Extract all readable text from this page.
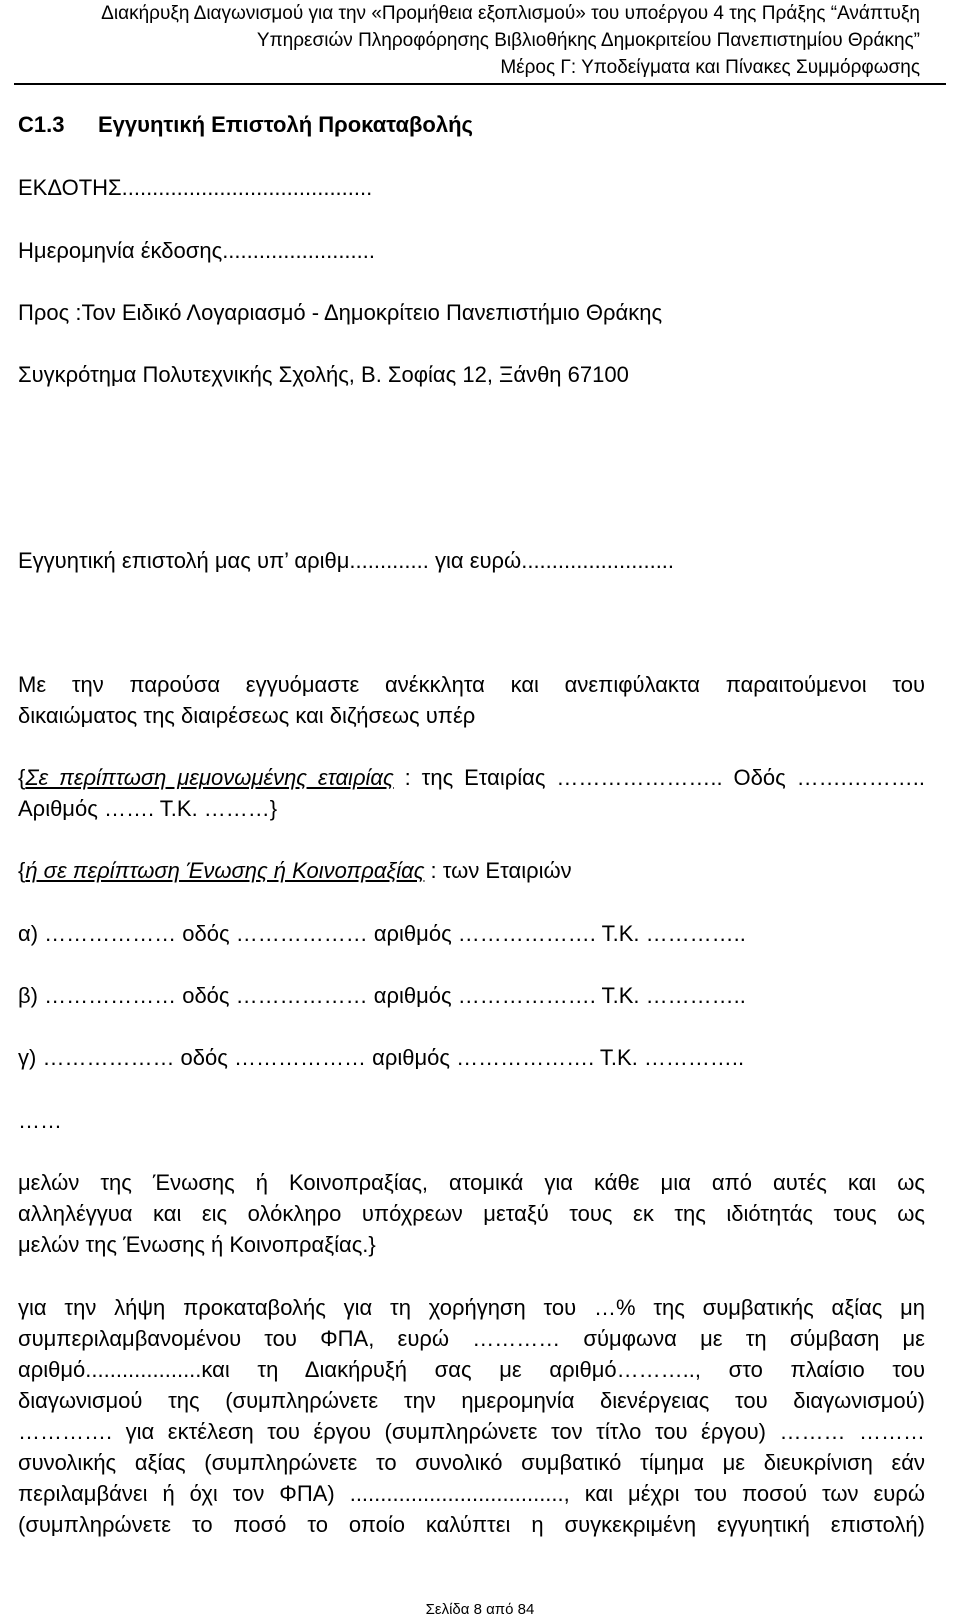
Διακήρυξη Διαγωνισμού για την «Προμήθεια εξοπλισμού» του υποέργου 4 της Πράξης “Ανάπτυξη
Υπηρεσιών Πληροφόρησης Βιβλιοθήκης Δημοκριτείου Πανεπιστημίου Θράκης”
Μέρος Γ: Υποδείγματα και Πίνακες Συμμόρφωσης
C1.3 Εγγυητική Επιστολή Προκαταβολής
ΕΚΔΟΤΗΣ.........................................
Ημερομηνία έκδοσης.........................
Προς :Τον Ειδικό Λογαριασμό - Δημοκρίτειο Πανεπιστήμιο Θράκης
Συγκρότημα Πολυτεχνικής Σχολής, Β. Σοφίας 12, Ξάνθη 67100
Εγγυητική επιστολή μας υπ’ αριθμ............. για ευρώ.........................
Με την παρούσα εγγυόμαστε ανέκκλητα και ανεπιφύλακτα παραιτούμενοι του
δικαιώματος της διαιρέσεως και διζήσεως υπέρ
{Σε περίπτωση μεμονωμένης εταιρίας : της Εταιρίας ………………….. Οδός …….………..
Αριθμός ……. Τ.Κ. ………}
{ή σε περίπτωση Ένωσης ή Κοινοπραξίας : των Εταιριών
α) ……………… οδός ……………… αριθμός ………………. Τ.Κ. …………..
β) ……………… οδός ……………… αριθμός ………………. Τ.Κ. …………..
γ) ……………… οδός ……………… αριθμός ………………. Τ.Κ. …………..
……
μελών της Ένωσης ή Κοινοπραξίας, ατομικά για κάθε μια από αυτές και ως
αλληλέγγυα και εις ολόκληρο υπόχρεων μεταξύ τους εκ της ιδιότητάς τους ως
μελών της Ένωσης ή Κοινοπραξίας.}
για την λήψη προκαταβολής για τη χορήγηση του …% της συμβατικής αξίας μη
συμπεριλαμβανομένου του ΦΠΑ, ευρώ ………… σύμφωνα με τη σύμβαση με
αριθμό...................και τη Διακήρυξή σας με αριθμό……….., στο πλαίσιο του
διαγωνισμού της (συμπληρώνετε την ημερομηνία διενέργειας του διαγωνισμού)
…………. για εκτέλεση του έργου (συμπληρώνετε τον τίτλο του έργου) ……… ………
συνολικής αξίας (συμπληρώνετε το συνολικό συμβατικό τίμημα με διευκρίνιση εάν
περιλαμβάνει ή όχι τον ΦΠΑ) ..................................., και μέχρι του ποσού των ευρώ
(συμπληρώνετε το ποσό το οποίο καλύπτει η συγκεκριμένη εγγυητική επιστολή)
Σελίδα 8 από 84
